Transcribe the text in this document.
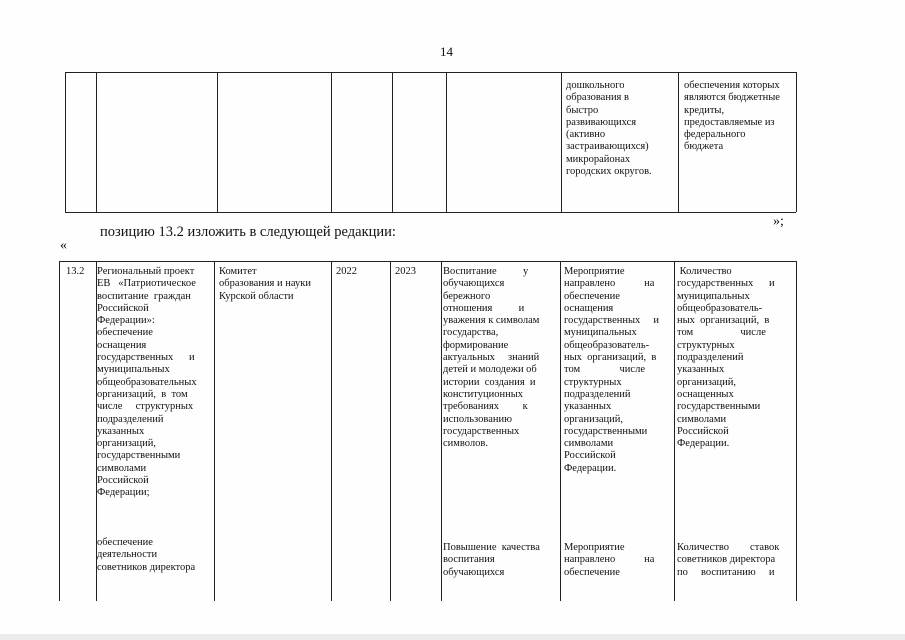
14
дошкольного
образования в
быстро
развивающихся
(активно
застраивающихся)
микрорайонах
городских округов.
обеспечения которых
являются бюджетные
кредиты,
предоставляемые из
федерального
бюджета
позицию 13.2 изложить в следующей редакции:
«
»;
13.2 Региональный проект
ЕВ   «Патриотическое
воспитание  граждан
Российской
Федерации»:
обеспечение
оснащения
государственных      и
муниципальных
общеобразовательных
организаций,  в  том
числе     структурных
подразделений
указанных
организаций,
государственными
символами
Российской
Федерации;
обеспечение
деятельности
советников директора
Комитет
образования и науки
Курской области
2022	2023	Воспитание          у
обучающихся
бережного
отношения          и
уважения к символам
государства,
формирование
актуальных     знаний
детей и молодежи об
истории  создания  и
конституционных
требованиях         к
использованию
государственных
символов.
Повышение  качества
воспитания
обучающихся
Мероприятие
направлено           на
обеспечение
оснащения
государственных     и
муниципальных
общеобразователь-
ных  организаций,  в
том               числе
структурных
подразделений
указанных
организаций,
государственными
символами
Российской
Федерации.
Мероприятие
направлено           на
обеспечение
Количество
государственных      и
муниципальных
общеобразователь-
ных  организаций,  в
том                  числе
структурных
подразделений
указанных
организаций,
оснащенных
государственными
символами
Российской
Федерации.
Количество        ставок
советников директора
по     воспитанию     и
